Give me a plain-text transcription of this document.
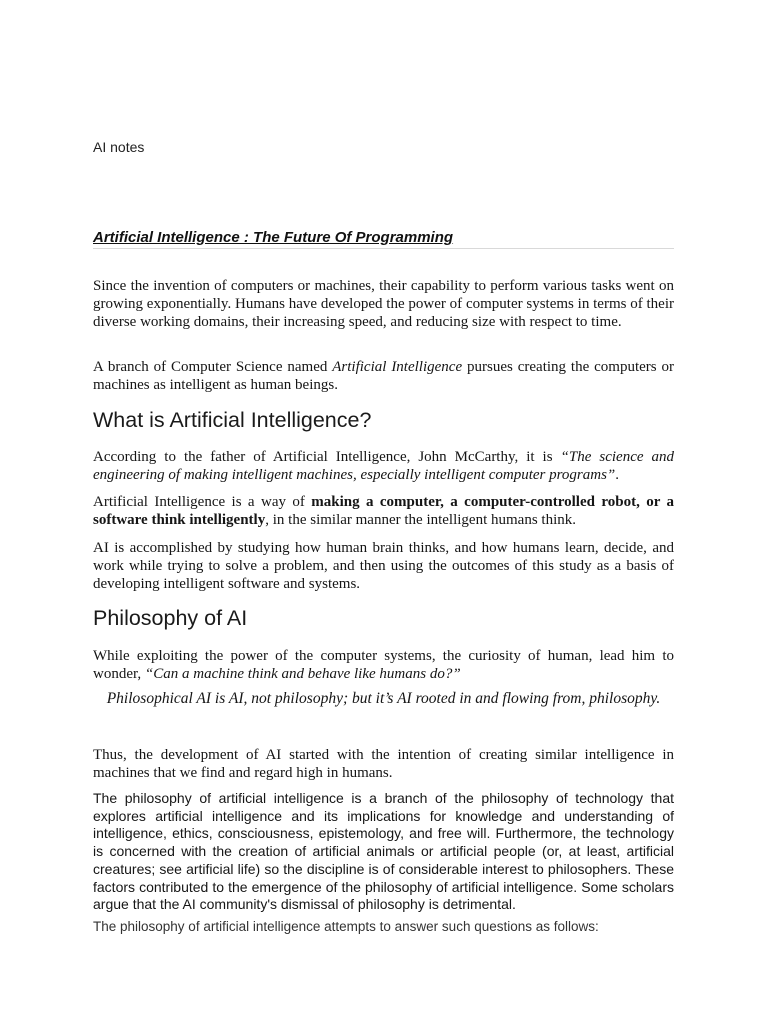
AI notes
Artificial Intelligence : The Future Of Programming

Since the invention of computers or machines, their capability to perform various tasks went on growing exponentially. Humans have developed the power of computer systems in terms of their diverse working domains, their increasing speed, and reducing size with respect to time.

A branch of Computer Science named Artificial Intelligence pursues creating the computers or machines as intelligent as human beings.

What is Artificial Intelligence?

According to the father of Artificial Intelligence, John McCarthy, it is “The science and engineering of making intelligent machines, especially intelligent computer programs”.

Artificial Intelligence is a way of making a computer, a computer-controlled robot, or a software think intelligently, in the similar manner the intelligent humans think.

AI is accomplished by studying how human brain thinks, and how humans learn, decide, and work while trying to solve a problem, and then using the outcomes of this study as a basis of developing intelligent software and systems.

Philosophy of AI

While exploiting the power of the computer systems, the curiosity of human, lead him to wonder, “Can a machine think and behave like humans do?”

Philosophical AI is AI, not philosophy; but it’s AI rooted in and flowing from, philosophy.

Thus, the development of AI started with the intention of creating similar intelligence in machines that we find and regard high in humans.

The philosophy of artificial intelligence is a branch of the philosophy of technology that explores artificial intelligence and its implications for knowledge and understanding of intelligence, ethics, consciousness, epistemology, and free will. Furthermore, the technology is concerned with the creation of artificial animals or artificial people (or, at least, artificial creatures; see artificial life) so the discipline is of considerable interest to philosophers. These factors contributed to the emergence of the philosophy of artificial intelligence. Some scholars argue that the AI community's dismissal of philosophy is detrimental.

The philosophy of artificial intelligence attempts to answer such questions as follows:
